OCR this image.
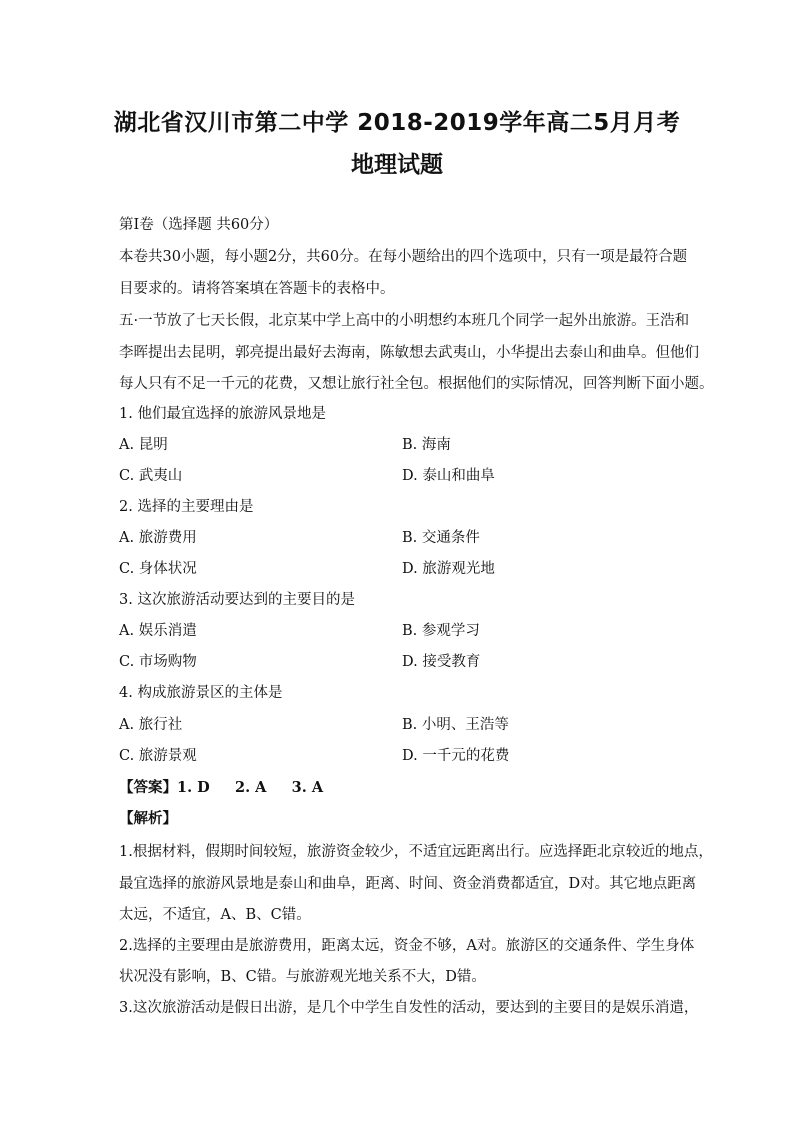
湖北省汉川市第二中学 2018-2019学年高二5月月考
地理试题
第Ⅰ卷（选择题 共60分）
本卷共30小题，每小题2分，共60分。在每小题给出的四个选项中，只有一项是最符合题
目要求的。请将答案填在答题卡的表格中。
五·一节放了七天长假，北京某中学上高中的小明想约本班几个同学一起外出旅游。王浩和
李晖提出去昆明，郭亮提出最好去海南，陈敏想去武夷山，小华提出去泰山和曲阜。但他们
每人只有不足一千元的花费，又想让旅行社全包。根据他们的实际情况，回答判断下面小题。
1. 他们最宜选择的旅游风景地是
A. 昆明	B. 海南
C. 武夷山	D. 泰山和曲阜
2. 选择的主要理由是
A. 旅游费用	B. 交通条件
C. 身体状况	D. 旅游观光地
3. 这次旅游活动要达到的主要目的是
A. 娱乐消遣	B. 参观学习
C. 市场购物	D. 接受教育
4. 构成旅游景区的主体是
A. 旅行社	B. 小明、王浩等
C. 旅游景观	D. 一千元的花费
【答案】1. D     2. A     3. A
【解析】
1.根据材料，假期时间较短，旅游资金较少，不适宜远距离出行。应选择距北京较近的地点，
最宜选择的旅游风景地是泰山和曲阜，距离、时间、资金消费都适宜，D对。其它地点距离
太远，不适宜，A、B、C错。
2.选择的主要理由是旅游费用，距离太远，资金不够，A对。旅游区的交通条件、学生身体
状况没有影响，B、C错。与旅游观光地关系不大，D错。
3.这次旅游活动是假日出游，是几个中学生自发性的活动，要达到的主要目的是娱乐消遣，
